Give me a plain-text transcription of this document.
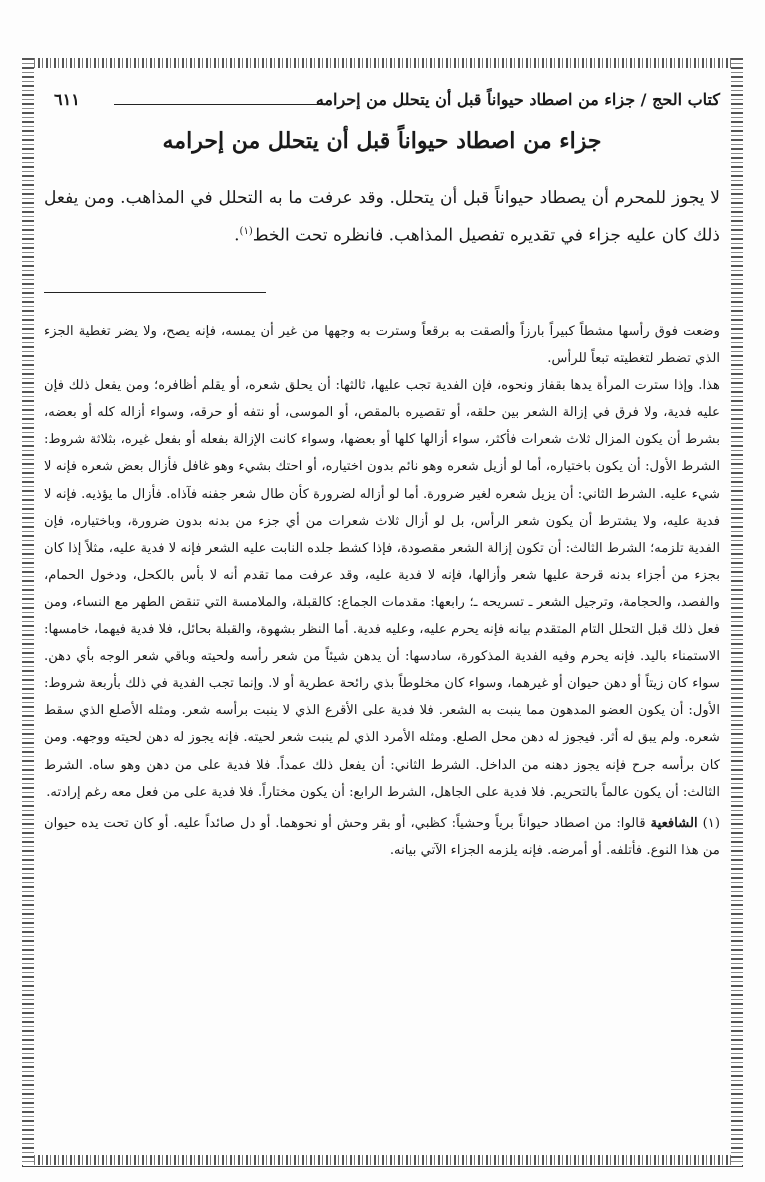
كتاب الحج / جزاء من اصطاد حيواناً قبل أن يتحلل من إحرامه
٦١١
جزاء من اصطاد حيواناً قبل أن يتحلل من إحرامه
لا يجوز للمحرم أن يصطاد حيواناً قبل أن يتحلل. وقد عرفت ما به التحلل في المذاهب. ومن يفعل ذلك كان عليه جزاء في تقديره تفصيل المذاهب. فانظره تحت الخط$^{(١)}$.

وضعت فوق رأسها مشطاً كبيراً بارزاً وألصقت به برقعاً وسترت به وجهها من غير أن يمسه، فإنه يصح، ولا يضر تغطية الجزء الذي تضطر لتغطيته تبعاً للرأس.

هذا. وإذا سترت المرأة يدها بقفاز ونحوه، فإن الفدية تجب عليها، ثالثها: أن يحلق شعره، أو يقلم أظافره؛ ومن يفعل ذلك فإن عليه فدية، ولا فرق في إزالة الشعر بين حلقه، أو تقصيره بالمقص، أو الموسى، أو نتفه أو حرقه، وسواء أزاله كله أو بعضه، بشرط أن يكون المزال ثلاث شعرات فأكثر، سواء أزالها كلها أو بعضها، وسواء كانت الإزالة بفعله أو بفعل غيره، بثلاثة شروط: الشرط الأول: أن يكون باختياره، أما لو أزيل شعره وهو نائم بدون اختياره، أو احتك بشيء وهو غافل فأزال بعض شعره فإنه لا شيء عليه. الشرط الثاني: أن يزيل شعره لغير ضرورة. أما لو أزاله لضرورة كأن طال شعر جفنه فآذاه. فأزال ما يؤذيه. فإنه لا فدية عليه، ولا يشترط أن يكون شعر الرأس، بل لو أزال ثلاث شعرات من أي جزء من بدنه بدون ضرورة، وباختياره، فإن الفدية تلزمه؛ الشرط الثالث: أن تكون إزالة الشعر مقصودة، فإذا كشط جلده النابت عليه الشعر فإنه لا فدية عليه، مثلاً إذا كان بجزء من أجزاء بدنه قرحة عليها شعر وأزالها، فإنه لا فدية عليه، وقد عرفت مما تقدم أنه لا بأس بالكحل، ودخول الحمام، والفصد، والحجامة، وترجيل الشعر ـ تسريحه ـ؛ رابعها: مقدمات الجماع: كالقبلة، والملامسة التي تنقض الطهر مع النساء، ومن فعل ذلك قبل التحلل التام المتقدم بيانه فإنه يحرم عليه، وعليه فدية. أما النظر بشهوة، والقبلة بحائل، فلا فدية فيهما، خامسها: الاستمناء باليد. فإنه يحرم وفيه الفدية المذكورة، سادسها: أن يدهن شيئاً من شعر رأسه ولحيته وباقي شعر الوجه بأي دهن. سواء كان زيتاً أو دهن حيوان أو غيرهما، وسواء كان مخلوطاً بذي رائحة عطرية أو لا. وإنما تجب الفدية في ذلك بأربعة شروط: الأول: أن يكون العضو المدهون مما ينبت به الشعر. فلا فدية على الأقرع الذي لا ينبت برأسه شعر. ومثله الأصلع الذي سقط شعره. ولم يبق له أثر. فيجوز له دهن محل الصلع. ومثله الأمرد الذي لم ينبت شعر لحيته. فإنه يجوز له دهن لحيته ووجهه. ومن كان برأسه جرح فإنه يجوز دهنه من الداخل. الشرط الثاني: أن يفعل ذلك عمداً. فلا فدية على من دهن وهو ساه. الشرط الثالث: أن يكون عالماً بالتحريم. فلا فدية على الجاهل، الشرط الرابع: أن يكون مختاراً. فلا فدية على من فعل معه رغم إرادته.

(١) الشافعية قالوا: من اصطاد حيواناً برياً وحشياً: كظبي، أو بقر وحش أو نحوهما. أو دل صائداً عليه. أو كان تحت يده حيوان من هذا النوع. فأتلفه. أو أمرضه. فإنه يلزمه الجزاء الآتي بيانه.
